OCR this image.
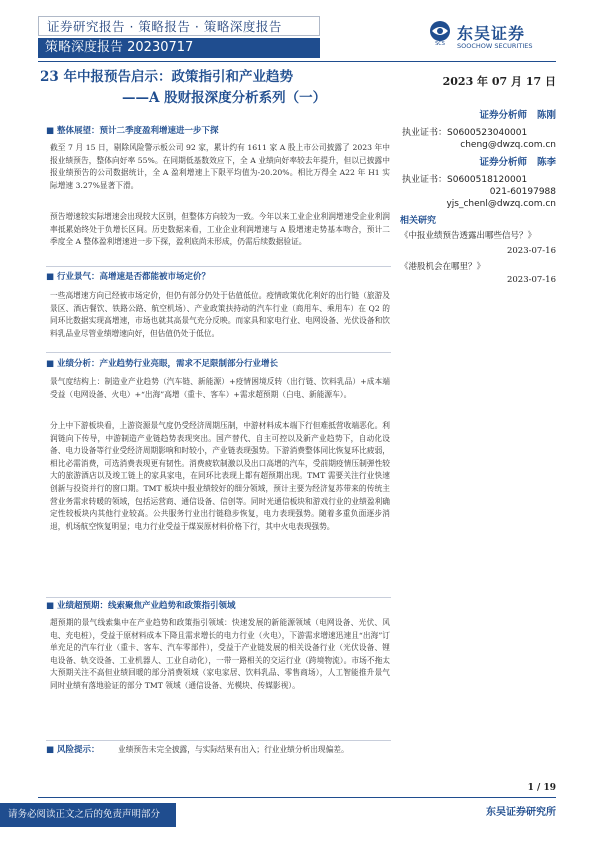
证券研究报告 · 策略报告 · 策略深度报告
策略深度报告 20230717	SCS
东吴证券
SOOCHOW SECURITIES
23 年中报预告启示：政策指引和产业趋势
——A 股财报深度分析系列（一）
2023 年 07 月 17 日
证券分析师 陈刚
执业证书：S0600523040001
cheng@dwzq.com.cn
证券分析师 陈李
执业证书：S0600518120001
021-60197988
yjs_chenl@dwzq.com.cn
相关研究
《中报业绩预告透露出哪些信号？》
2023-07-16
《港股机会在哪里？》
2023-07-16
■ 整体展望：预计二季度盈利增速进一步下探
截至 7 月 15 日，剔除风险警示板公司 92 家，累计约有 1611 家 A 股上市公司披露了 2023 年中报业绩预告，整体向好率 55%。在同期低基数效应下，全 A 业绩向好率较去年提升，但以已披露中报业绩预告的公司数据统计，全 A 盈利增速上下限平均值为-20.20%。相比万得全 A22 年 H1 实际增速 3.27%显著下滑。
预告增速较实际增速会出现较大区别，但整体方向较为一致。今年以来工业企业利润增速受企业利润率抵累始终处于负增长区间。历史数据来看，工业企业利润增速与 A 股增速走势基本吻合，预计二季度全 A 整体盈利增速进一步下探，盈利底尚未形成，仍需后续数据验证。
■ 行业景气：高增速是否都能被市场定价？
一些高增速方向已经被市场定价，但仍有部分仍处于估值低位。疫情政策优化利好的出行链（旅游及景区、酒店餐饮、铁路公路、航空机场）、产业政策扶持动的汽车行业（商用车、乘用车）在 Q2 的同环比数据实现高增速，市场也就其高景气充分反映。而家具和家电行业、电网设备、光伏设备和饮料乳品业尽管业绩增速向好，但估值仍处于低位。
■ 业绩分析：产业趋势行业亮眼，需求不足限制部分行业增长
景气度结构上：制造业产业趋势（汽车链、新能源）+疫情困境反转（出行链、饮料乳品）+成本端受益（电网设备、火电）+“出海”高增（重卡、客车）+需求超预期（白电、新能源车）。
分上中下游板块看，上游资源景气度仍受经济周期压制，中游材料成本端下行但难抵营收端恶化。利润链向下传导，中游制造产业链趋势表现突出。国产替代、自主可控以及新产业趋势下，自动化设备、电力设备等行业受经济周期影响和时较小，产业链表现强势。下游消费整体同比恢复环比疲弱，相比必需消费，可选消费表现更有韧性。消费疲软制激以及出口高增的汽车，受前期疫情压制弹性较大的旅游酒店以及竣工链上的家具家电，在同环比表现上都有超预期出现。TMT 需要关注行业快速创新与投资并行的窗口期。TMT 板块中报业绩较好的细分领域，预计主要为经济复苏带来的传统主营业务需求转暖的领域，包括运营商、通信设备、信创等。同时光通信板块和游戏行业的业绩盈利确定性较板块内其他行业较高。公共服务行业出行链稳步恢复，电力表现强势。随着多重负面逐步消退，机场航空恢复明显；电力行业受益于煤炭原材料价格下行，其中火电表现强势。
■ 业绩超预期：线索聚焦产业趋势和政策指引领域
超预期的景气线索集中在产业趋势和政策指引领域：快速发展的新能源领域（电网设备、光伏、风电、充电桩），受益于原材料成本下降且需求增长的电力行业（火电），下游需求增速迅速且“出海”订单充足的汽车行业（重卡、客车、汽车零部件），受益于产业链发展的相关设备行业（光伏设备、锂电设备、轨交设备、工业机器人、工业自动化），一带一路相关的交运行业（跨境物流）。市场不拖太大预期关注不高但业绩回暖的部分消费领域（家电家居、饮料乳品、零售商场），人工智能推升景气同时业绩有落地验证的部分 TMT 领域（通信设备、光模块、传媒影视）。
■ 风险提示：	业绩预告未完全披露，与实际结果有出入；行业业绩分析出现偏差。
1 / 19
请务必阅读正文之后的免责声明部分	东吴证券研究所
